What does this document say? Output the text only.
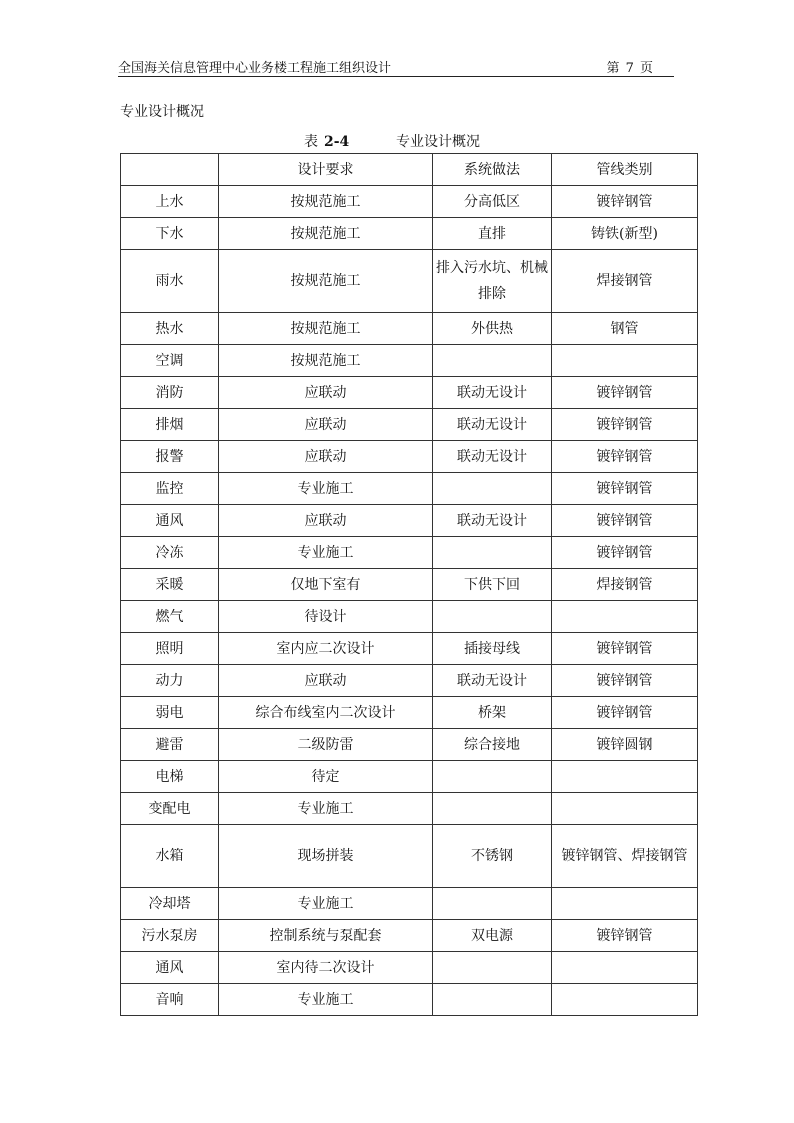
全国海关信息管理中心业务楼工程施工组织设计	第 7 页
专业设计概况
表 2-4	专业设计概况
	设计要求	系统做法	管线类别
上水	按规范施工	分高低区	镀锌钢管
下水	按规范施工	直排	铸铁(新型)
雨水	按规范施工	排入污水坑、机械排除	焊接钢管
热水	按规范施工	外供热	钢管
空调	按规范施工		
消防	应联动	联动无设计	镀锌钢管
排烟	应联动	联动无设计	镀锌钢管
报警	应联动	联动无设计	镀锌钢管
监控	专业施工		镀锌钢管
通风	应联动	联动无设计	镀锌钢管
冷冻	专业施工		镀锌钢管
采暖	仅地下室有	下供下回	焊接钢管
燃气	待设计		
照明	室内应二次设计	插接母线	镀锌钢管
动力	应联动	联动无设计	镀锌钢管
弱电	综合布线室内二次设计	桥架	镀锌钢管
避雷	二级防雷	综合接地	镀锌圆钢
电梯	待定		
变配电	专业施工		
水箱	现场拼装	不锈钢	镀锌钢管、焊接钢管
冷却塔	专业施工		
污水泵房	控制系统与泵配套	双电源	镀锌钢管
通风	室内待二次设计		
音响	专业施工		
